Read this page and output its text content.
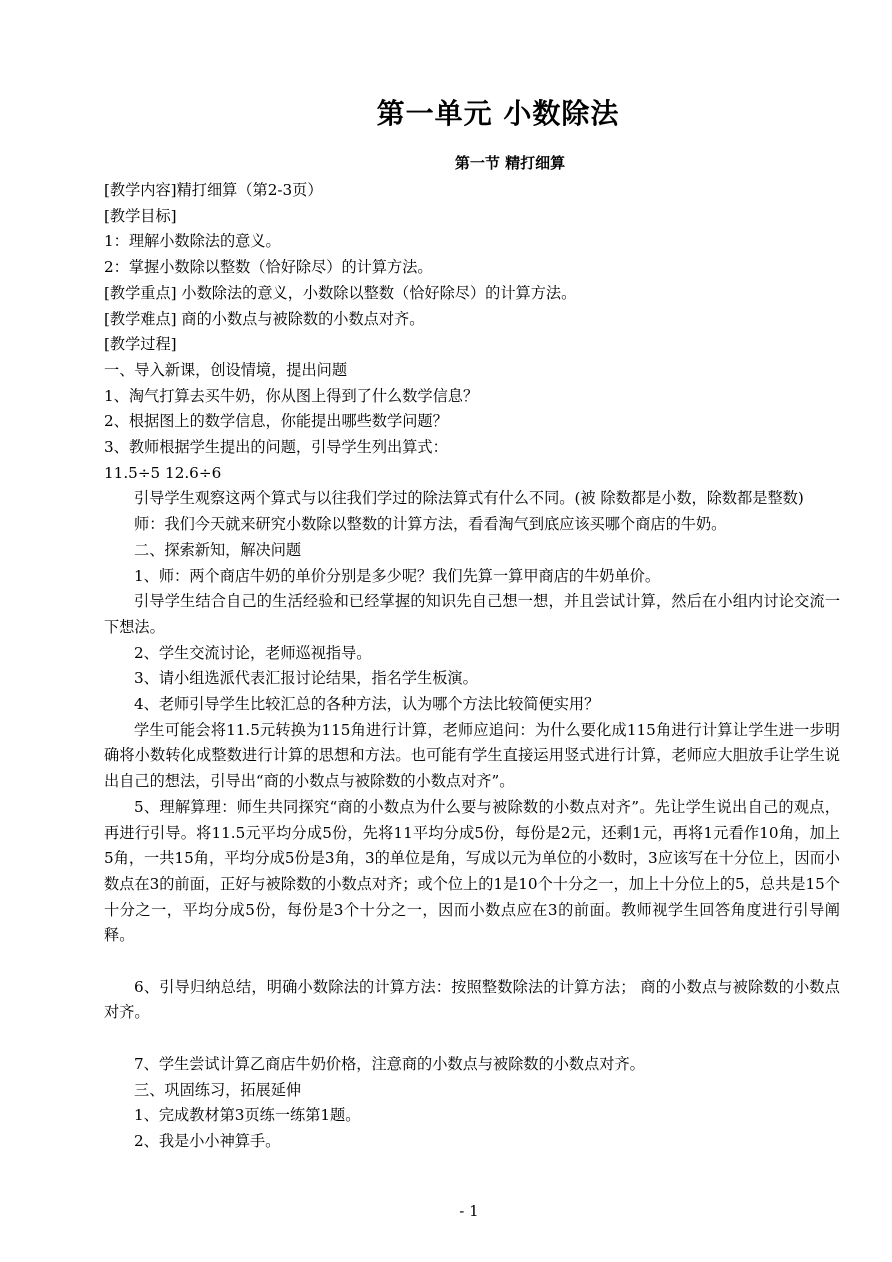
第一单元 小数除法
第一节 精打细算

[教学内容]精打细算（第2-3页）

[教学目标]

1：理解小数除法的意义。

2：掌握小数除以整数（恰好除尽）的计算方法。

[教学重点] 小数除法的意义，小数除以整数（恰好除尽）的计算方法。

[教学难点] 商的小数点与被除数的小数点对齐。

[教学过程]

一、导入新课，创设情境，提出问题

1、淘气打算去买牛奶，你从图上得到了什么数学信息？

2、根据图上的数学信息，你能提出哪些数学问题？

3、教师根据学生提出的问题，引导学生列出算式：

11.5÷5 12.6÷6

引导学生观察这两个算式与以往我们学过的除法算式有什么不同。(被 除数都是小数，除数都是整数)

师：我们今天就来研究小数除以整数的计算方法，看看淘气到底应该买哪个商店的牛奶。

二、探索新知，解决问题

1、师：两个商店牛奶的单价分别是多少呢？我们先算一算甲商店的牛奶单价。

引导学生结合自己的生活经验和已经掌握的知识先自己想一想，并且尝试计算，然后在小组内讨论交流一下想法。

2、学生交流讨论，老师巡视指导。

3、请小组选派代表汇报讨论结果，指名学生板演。

4、老师引导学生比较汇总的各种方法，认为哪个方法比较简便实用？

学生可能会将11.5元转换为115角进行计算，老师应追问：为什么要化成115角进行计算让学生进一步明确将小数转化成整数进行计算的思想和方法。也可能有学生直接运用竖式进行计算，老师应大胆放手让学生说出自己的想法，引导出“商的小数点与被除数的小数点对齐”。

5、理解算理：师生共同探究“商的小数点为什么要与被除数的小数点对齐”。先让学生说出自己的观点，再进行引导。将11.5元平均分成5份，先将11平均分成5份，每份是2元，还剩1元，再将1元看作10角，加上5角，一共15角，平均分成5份是3角，3的单位是角，写成以元为单位的小数时，3应该写在十分位上，因而小数点在3的前面，正好与被除数的小数点对齐；或个位上的1是10个十分之一，加上十分位上的5，总共是15个十分之一，平均分成5份，每份是3个十分之一，因而小数点应在3的前面。教师视学生回答角度进行引导阐释。

6、引导归纳总结，明确小数除法的计算方法：按照整数除法的计算方法； 商的小数点与被除数的小数点对齐。

7、学生尝试计算乙商店牛奶价格，注意商的小数点与被除数的小数点对齐。

三、巩固练习，拓展延伸

1、完成教材第3页练一练第1题。

2、我是小小神算手。

- 1
